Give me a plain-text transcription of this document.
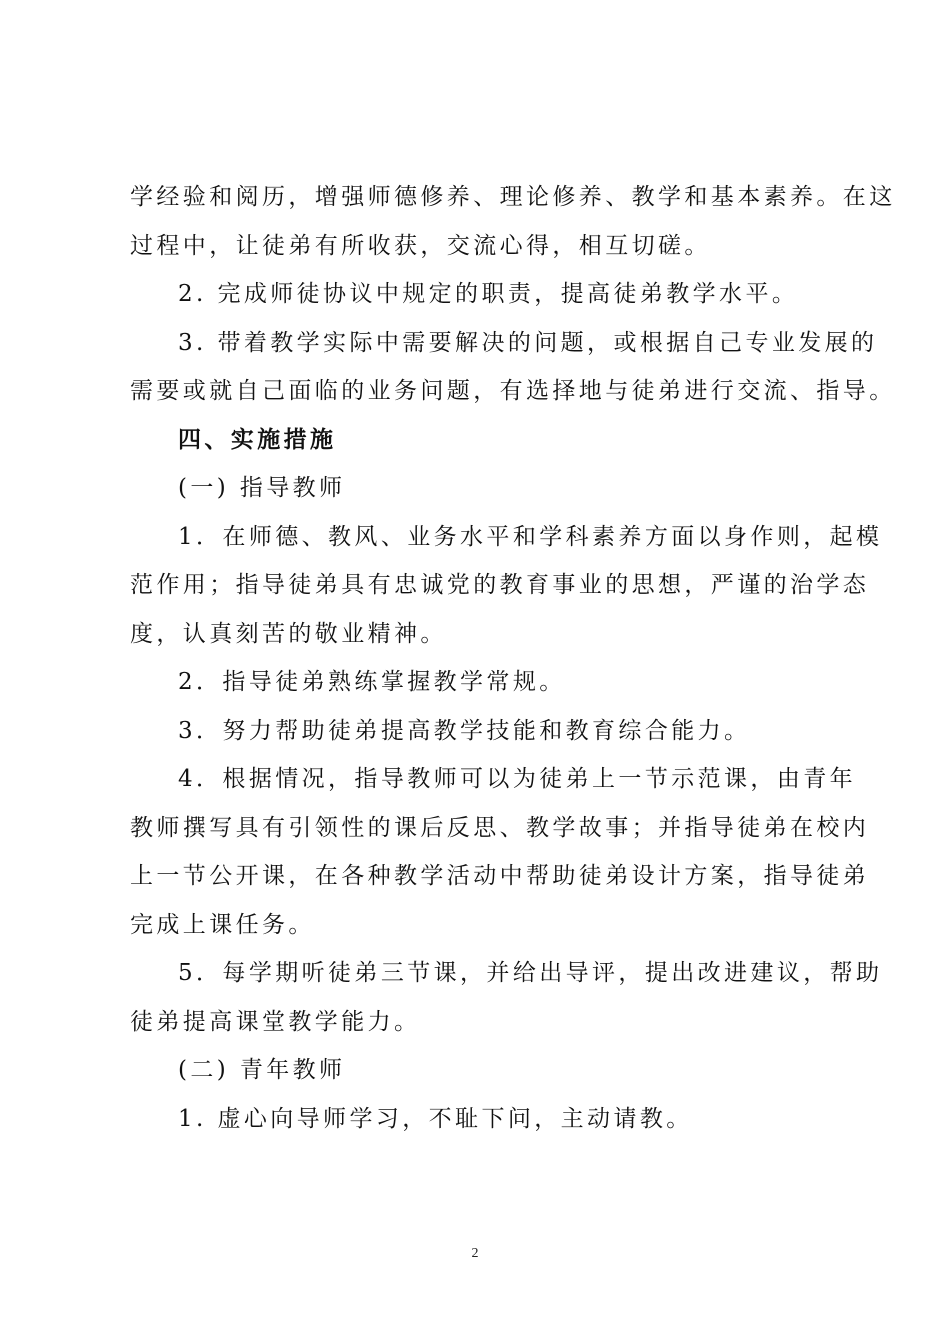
学经验和阅历，增强师德修养、理论修养、教学和基本素养。在这
过程中，让徒弟有所收获，交流心得，相互切磋。
2. 完成师徒协议中规定的职责，提高徒弟教学水平。
3. 带着教学实际中需要解决的问题，或根据自己专业发展的
需要或就自己面临的业务问题，有选择地与徒弟进行交流、指导。
四、实施措施
(一) 指导教师
1．在师德、教风、业务水平和学科素养方面以身作则，起模
范作用；指导徒弟具有忠诚党的教育事业的思想，严谨的治学态
度，认真刻苦的敬业精神。
2．指导徒弟熟练掌握教学常规。
3．努力帮助徒弟提高教学技能和教育综合能力。
4．根据情况，指导教师可以为徒弟上一节示范课，由青年
教师撰写具有引领性的课后反思、教学故事；并指导徒弟在校内
上一节公开课，在各种教学活动中帮助徒弟设计方案，指导徒弟
完成上课任务。
5．每学期听徒弟三节课，并给出导评，提出改进建议，帮助
徒弟提高课堂教学能力。
(二) 青年教师
1. 虚心向导师学习，不耻下问，主动请教。
2
